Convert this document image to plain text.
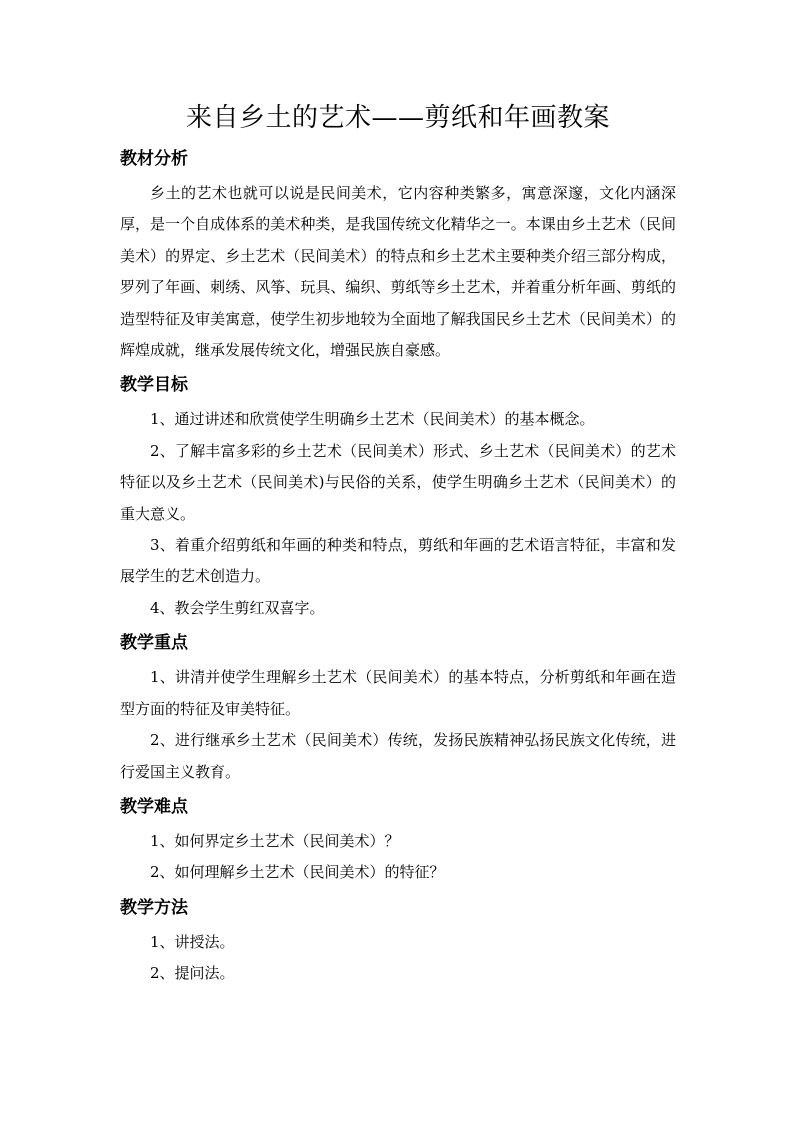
来自乡土的艺术——剪纸和年画教案
教材分析

乡土的艺术也就可以说是民间美术，它内容种类繁多，寓意深邃，文化内涵深厚，是一个自成体系的美术种类，是我国传统文化精华之一。本课由乡土艺术（民间美术）的界定、乡土艺术（民间美术）的特点和乡土艺术主要种类介绍三部分构成，罗列了年画、刺绣、风筝、玩具、编织、剪纸等乡土艺术，并着重分析年画、剪纸的造型特征及审美寓意，使学生初步地较为全面地了解我国民乡土艺术（民间美术）的辉煌成就，继承发展传统文化，增强民族自豪感。

教学目标

1、通过讲述和欣赏使学生明确乡土艺术（民间美术）的基本概念。

2、了解丰富多彩的乡土艺术（民间美术）形式、乡土艺术（民间美术）的艺术特征以及乡土艺术（民间美术)与民俗的关系，使学生明确乡土艺术（民间美术）的重大意义。

3、着重介绍剪纸和年画的种类和特点，剪纸和年画的艺术语言特征，丰富和发展学生的艺术创造力。

4、教会学生剪红双喜字。

教学重点

1、讲清并使学生理解乡土艺术（民间美术）的基本特点，分析剪纸和年画在造型方面的特征及审美特征。

2、进行继承乡土艺术（民间美术）传统，发扬民族精神弘扬民族文化传统，进行爱国主义教育。

教学难点

1、如何界定乡土艺术（民间美术）？

2、如何理解乡土艺术（民间美术）的特征？

教学方法

1、讲授法。

2、提问法。
